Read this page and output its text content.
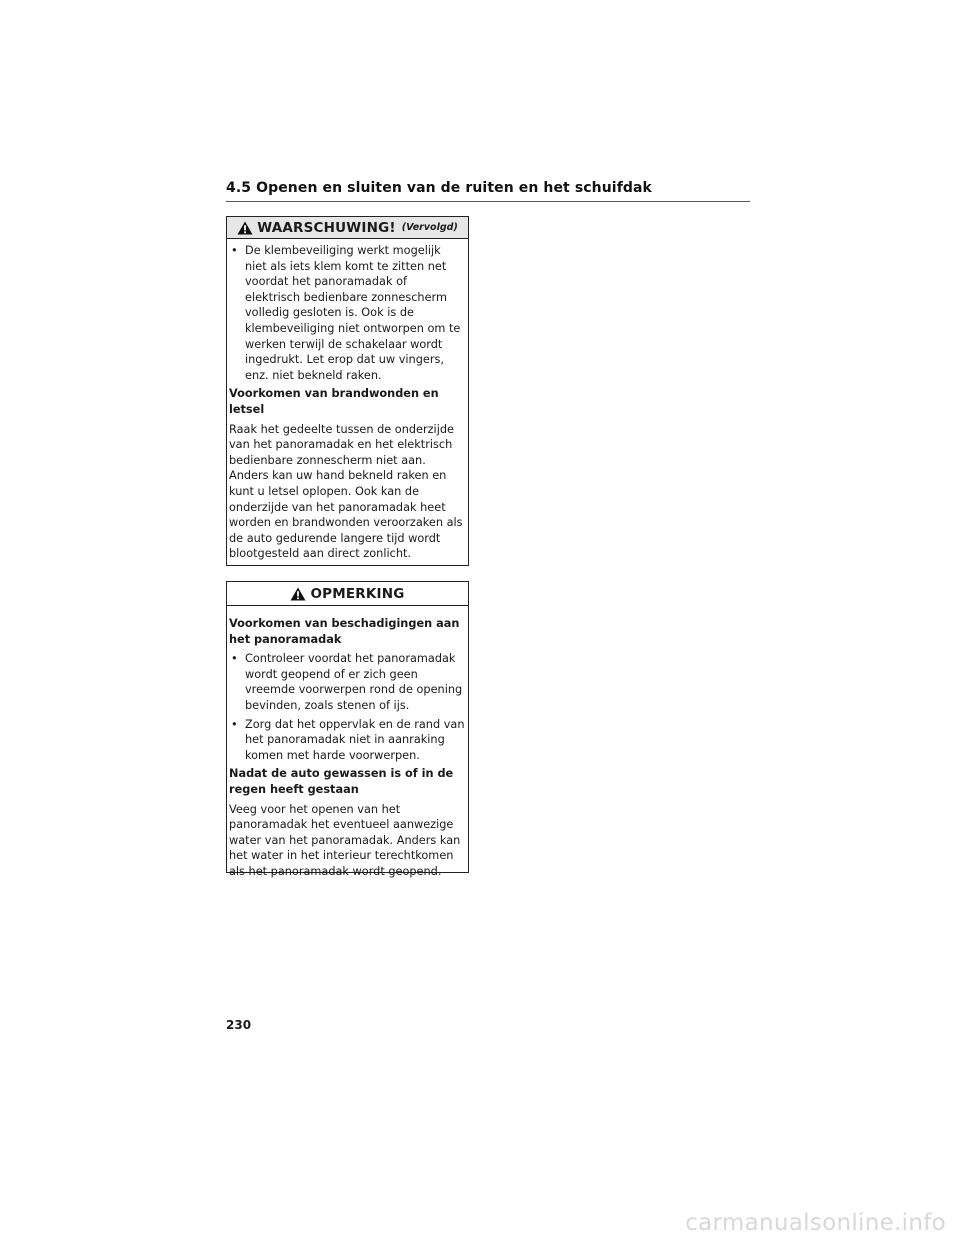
4.5 Openen en sluiten van de ruiten en het schuifdak
WAARSCHUWING! (Vervolgd)
• De klembeveiliging werkt mogelijk niet als iets klem komt te zitten net voordat het panoramadak of elektrisch bedienbare zonnescherm volledig gesloten is. Ook is de klembeveiliging niet ontworpen om te werken terwijl de schakelaar wordt ingedrukt. Let erop dat uw vingers, enz. niet bekneld raken.
Voorkomen van brandwonden en letsel
Raak het gedeelte tussen de onderzijde van het panoramadak en het elektrisch bedienbare zonnescherm niet aan. Anders kan uw hand bekneld raken en kunt u letsel oplopen. Ook kan de onderzijde van het panoramadak heet worden en brandwonden veroorzaken als de auto gedurende langere tijd wordt blootgesteld aan direct zonlicht.
OPMERKING
Voorkomen van beschadigingen aan het panoramadak
• Controleer voordat het panoramadak wordt geopend of er zich geen vreemde voorwerpen rond de opening bevinden, zoals stenen of ijs.
• Zorg dat het oppervlak en de rand van het panoramadak niet in aanraking komen met harde voorwerpen.
Nadat de auto gewassen is of in de regen heeft gestaan
Veeg voor het openen van het panoramadak het eventueel aanwezige water van het panoramadak. Anders kan het water in het interieur terechtkomen als het panoramadak wordt geopend.
230
carmanualsonline.info
